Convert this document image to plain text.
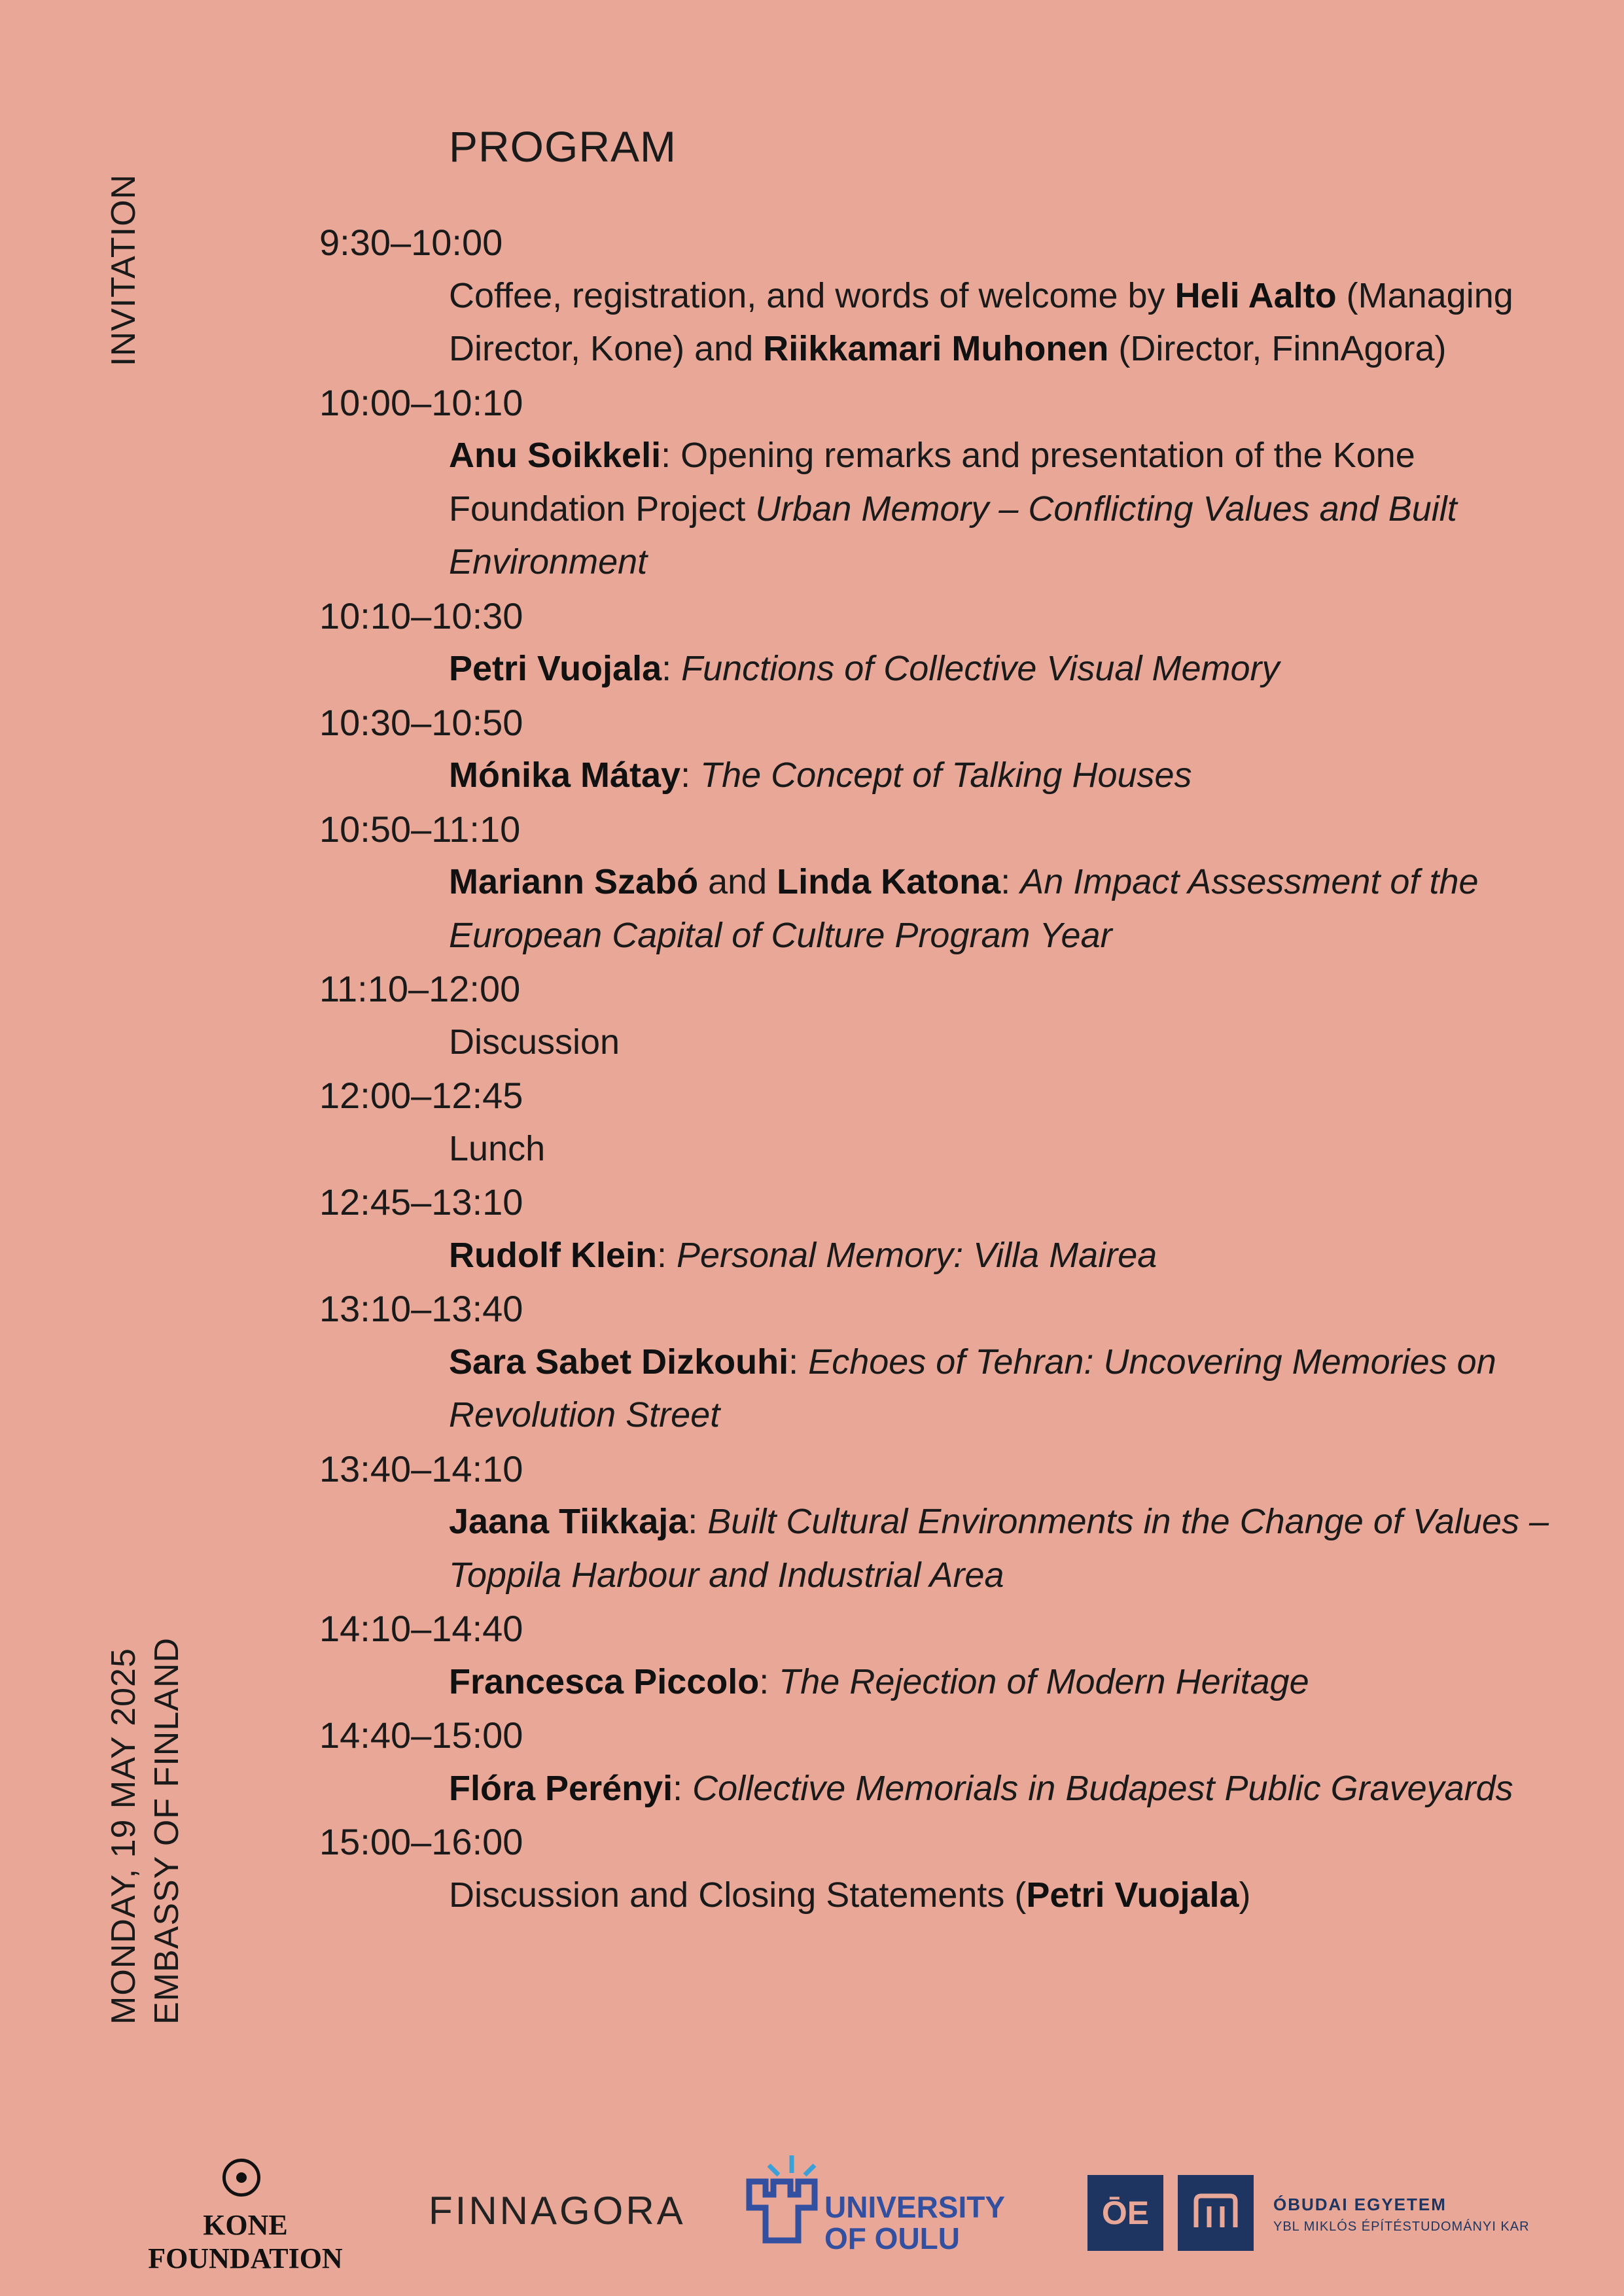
INVITATION
MONDAY, 19 MAY 2025 EMBASSY OF FINLAND
PROGRAM
9:30–10:00
Coffee, registration, and words of welcome by Heli Aalto (Managing Director, Kone) and Riikkamari Muhonen (Director, FinnAgora)
10:00–10:10
Anu Soikkeli: Opening remarks and presentation of the Kone Foundation Project Urban Memory – Conflicting Values and Built Environment
10:10–10:30
Petri Vuojala: Functions of Collective Visual Memory
10:30–10:50
Mónika Mátay: The Concept of Talking Houses
10:50–11:10
Mariann Szabó and Linda Katona: An Impact Assessment of the European Capital of Culture Program Year
11:10–12:00
Discussion
12:00–12:45
Lunch
12:45–13:10
Rudolf Klein: Personal Memory: Villa Mairea
13:10–13:40
Sara Sabet Dizkouhi: Echoes of Tehran: Uncovering Memories on Revolution Street
13:40–14:10
Jaana Tiikkaja: Built Cultural Environments in the Change of Values – Toppila Harbour and Industrial Area
14:10–14:40
Francesca Piccolo: The Rejection of Modern Heritage
14:40–15:00
Flóra Perényi: Collective Memorials in Budapest Public Graveyards
15:00–16:00
Discussion and Closing Statements (Petri Vuojala)
KONE FOUNDATION
FINNAGORA	UNIVERSITY
OF OULU
ŌE	ÓBUDAI EGYETEM
YBL MIKLÓS ÉPÍTÉSTUDOMÁNYI KAR
